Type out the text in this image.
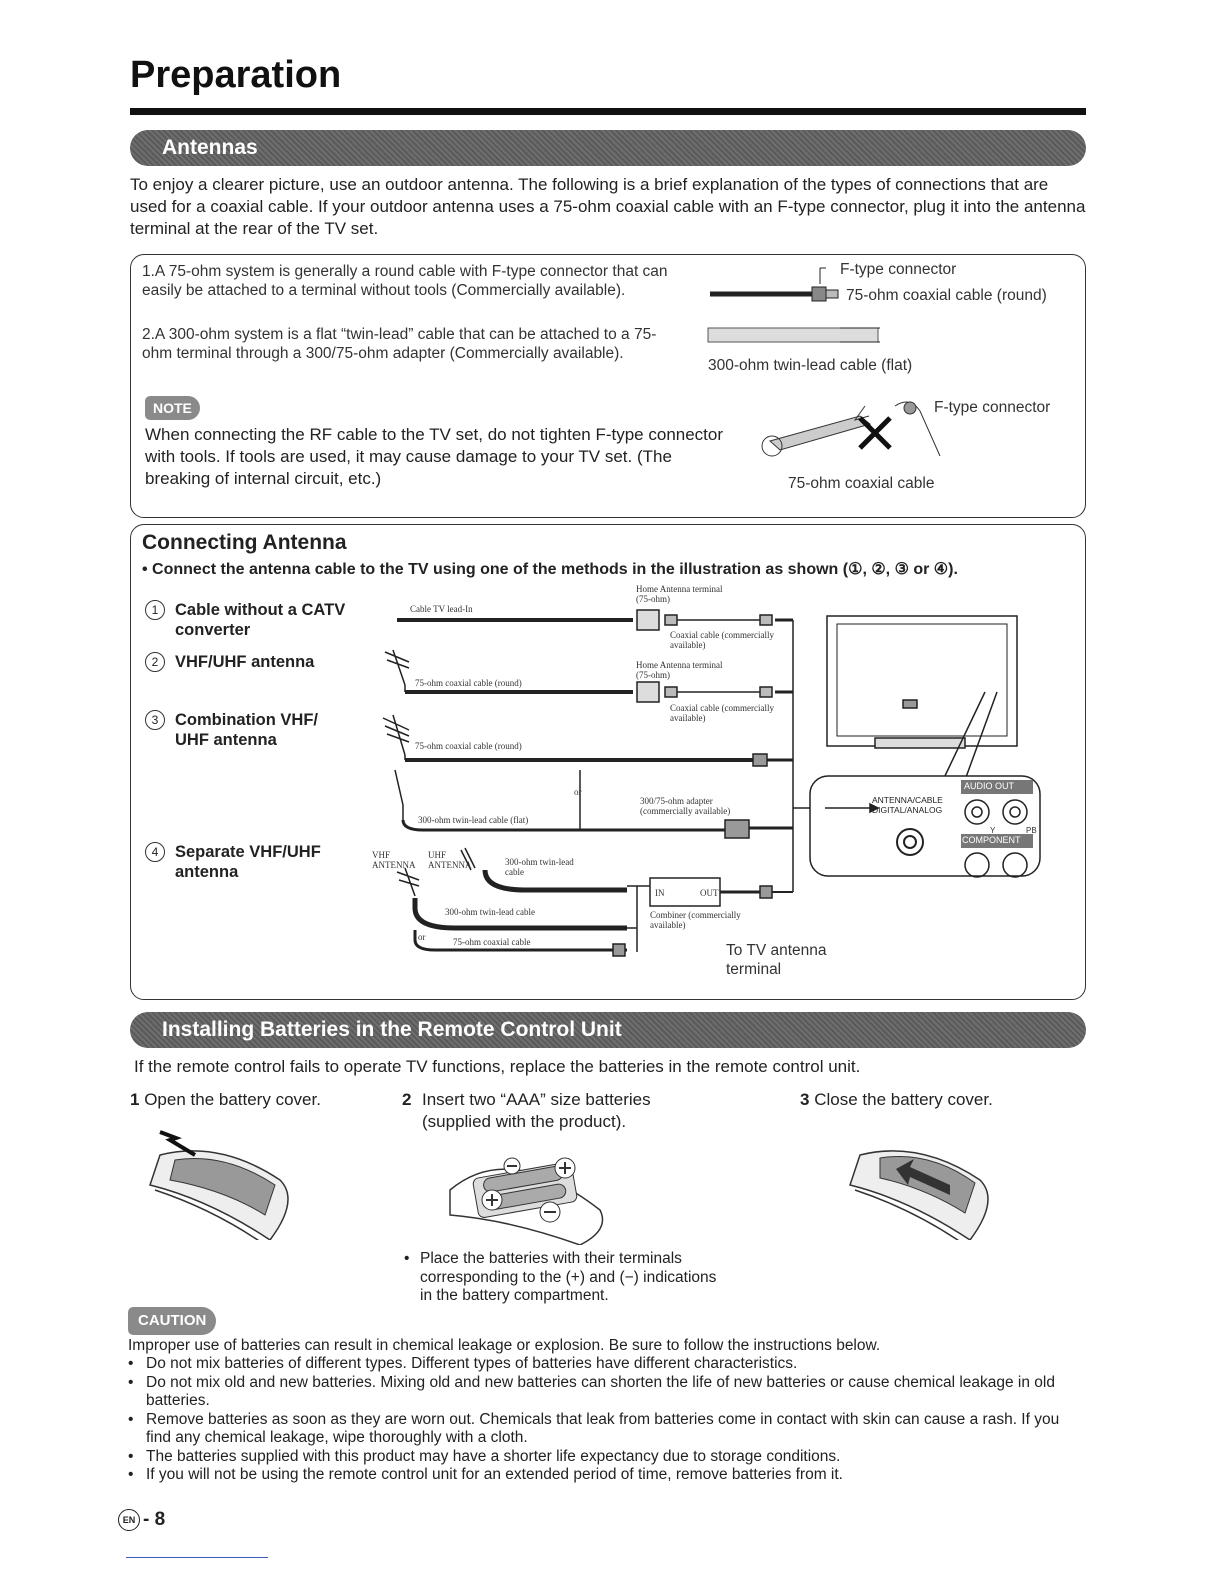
Preparation
Antennas
To enjoy a clearer picture, use an outdoor antenna. The following is a brief explanation of the types of connections that are used for a coaxial cable. If your outdoor antenna uses a 75-ohm coaxial cable with an F-type connector, plug it into the antenna terminal at the rear of the TV set.
1.A 75-ohm system is generally a round cable with F-type connector that can easily be attached to a terminal without tools (Commercially available).
2.A 300-ohm system is a flat “twin-lead” cable that can be attached to a 75-ohm terminal through a 300/75-ohm adapter (Commercially available).
F-type connector
75-ohm coaxial cable (round)
300-ohm twin-lead cable (flat)
F-type connector
75-ohm coaxial cable
NOTE
When connecting the RF cable to the TV set, do not tighten F-type connector with tools. If tools are used, it may cause damage to your TV set. (The breaking of internal circuit, etc.)
Connecting Antenna
• Connect the antenna cable to the TV using one of the methods in the illustration as shown (①, ②, ③ or ④).
1 Cable without a CATV converter
2 VHF/UHF antenna
3 Combination VHF/ UHF antenna
4 Separate VHF/UHF antenna
Cable TV lead-In
Home Antenna terminal (75-ohm)
Coaxial cable (commercially available)
Home Antenna terminal (75-ohm)
75-ohm coaxial cable (round)
Coaxial cable (commercially available)
75-ohm coaxial cable (round)
or
300-ohm twin-lead cable (flat)
300/75-ohm adapter (commercially available)
VHF ANTENNA
UHF ANTENNA	300-ohm twin-lead cable
300-ohm twin-lead cable
or	75-ohm coaxial cable
IN	OUT
Combiner (commercially available)
To TV antenna terminal
ANTENNA/CABLE
DIGITAL/ANALOG
AUDIO OUT
COMPONENT
Y	PB
Installing Batteries in the Remote Control Unit
If the remote control fails to operate TV functions, replace the batteries in the remote control unit.
1 Open the battery cover.	2 Insert two “AAA” size batteries (supplied with the product).
3 Close the battery cover.
• Place the batteries with their terminals corresponding to the (+) and (−) indications in the battery compartment.
CAUTION
Improper use of batteries can result in chemical leakage or explosion. Be sure to follow the instructions below.
• Do not mix batteries of different types. Different types of batteries have different characteristics.
• Do not mix old and new batteries. Mixing old and new batteries can shorten the life of new batteries or cause chemical leakage in old batteries.
• Remove batteries as soon as they are worn out. Chemicals that leak from batteries come in contact with skin can cause a rash. If you find any chemical leakage, wipe thoroughly with a cloth.
• The batteries supplied with this product may have a shorter life expectancy due to storage conditions.
• If you will not be using the remote control unit for an extended period of time, remove batteries from it.
EN - 8
